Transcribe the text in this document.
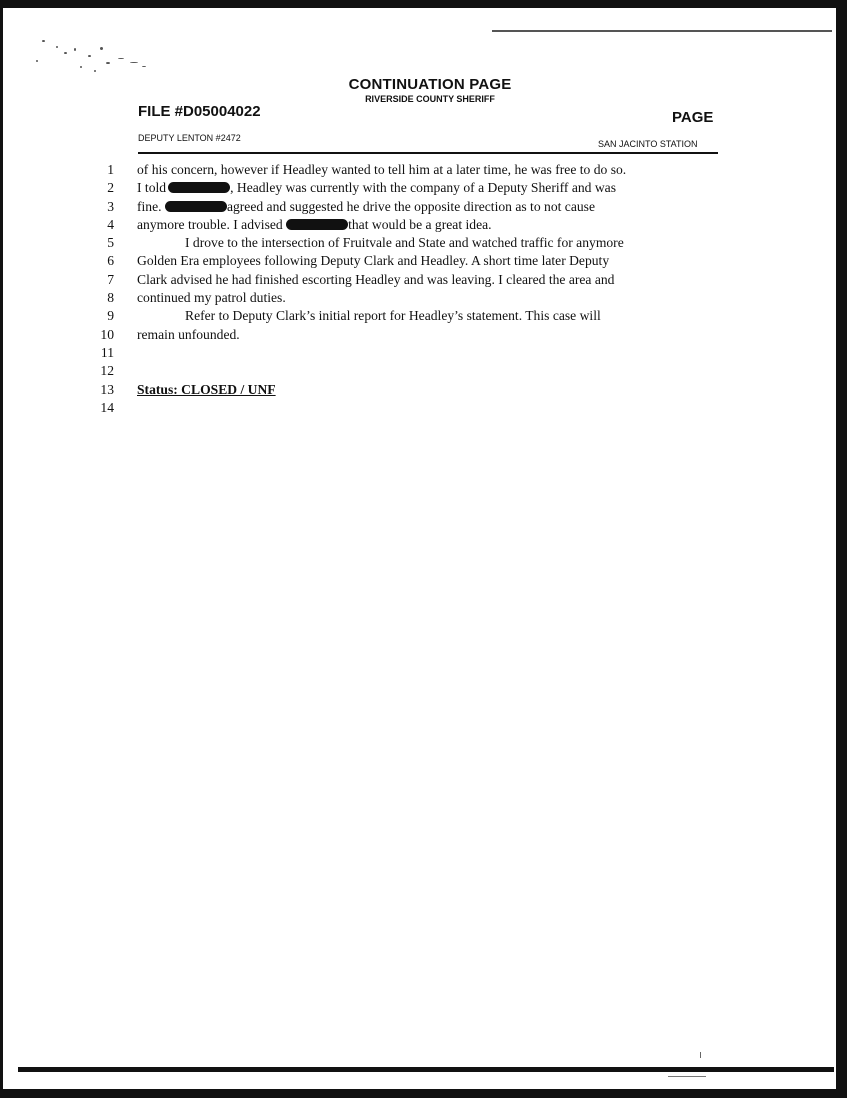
CONTINUATION PAGE
RIVERSIDE COUNTY SHERIFF
FILE #D05004022	PAGE
DEPUTY LENTON #2472
SAN JACINTO STATION
1 of his concern, however if Headley wanted to tell him at a later time, he was free to do so.
2 I told	, Headley was currently with the company of a Deputy Sheriff and was
3 fine.	agreed and suggested he drive the opposite direction as to not cause
4 anymore trouble. I advised	that would be a great idea.
5	I drove to the intersection of Fruitvale and State and watched traffic for anymore
6 Golden Era employees following Deputy Clark and Headley. A short time later Deputy
7 Clark advised he had finished escorting Headley and was leaving. I cleared the area and
8 continued my patrol duties.
9	Refer to Deputy Clark’s initial report for Headley’s statement. This case will
10 remain unfounded.
11
12
13 Status: CLOSED / UNF
14
